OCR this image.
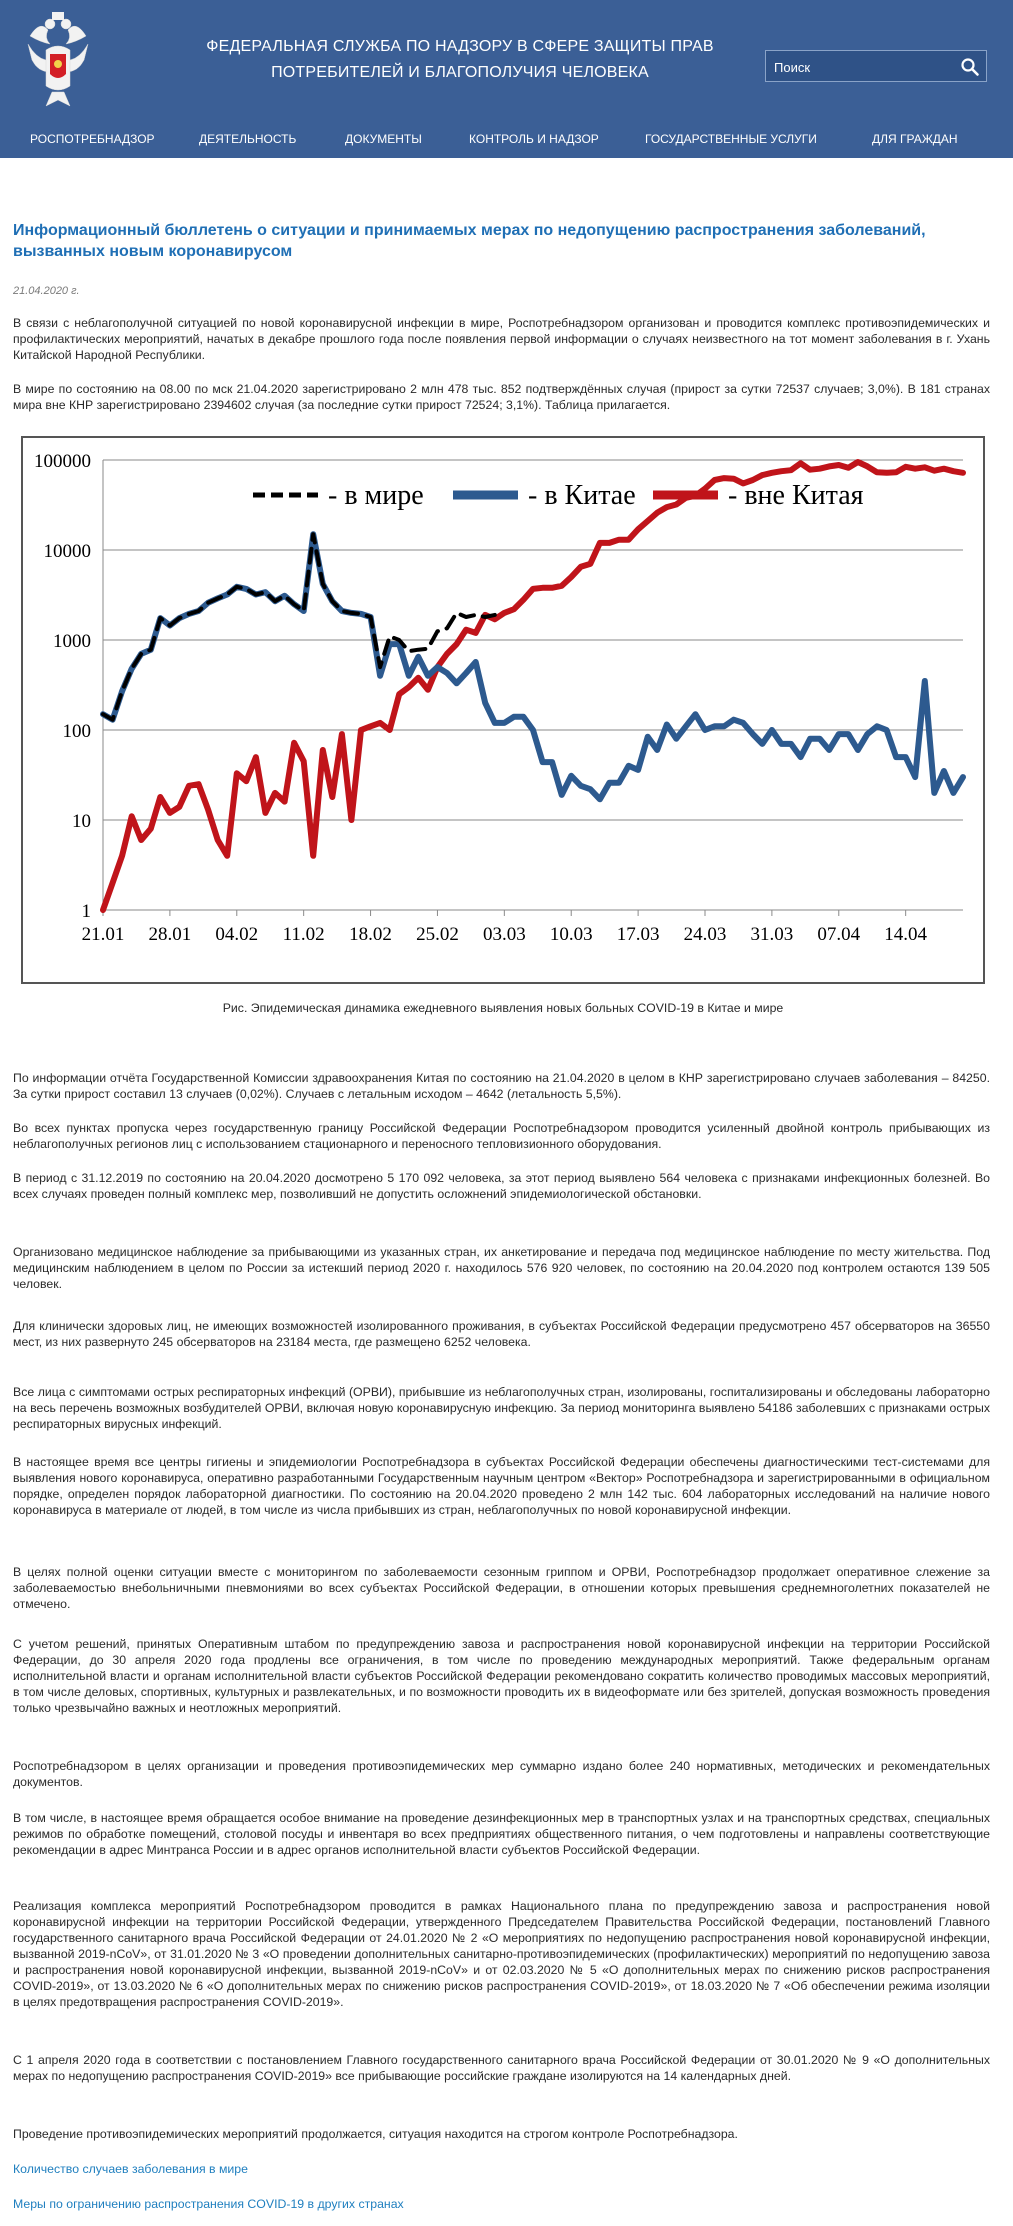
ФЕДЕРАЛЬНАЯ СЛУЖБА ПО НАДЗОРУ В СФЕРЕ ЗАЩИТЫ ПРАВ
ПОТРЕБИТЕЛЕЙ И БЛАГОПОЛУЧИЯ ЧЕЛОВЕКА
Поиск
РОСПОТРЕБНАДЗОР	ДЕЯТЕЛЬНОСТЬ	ДОКУМЕНТЫ	КОНТРОЛЬ И НАДЗОР	ГОСУДАРСТВЕННЫЕ УСЛУГИ	ДЛЯ ГРАЖДАН
Информационный бюллетень о ситуации и принимаемых мерах по недопущению распространения заболеваний, вызванных новым коронавирусом
21.04.2020 г.

В связи с неблагополучной ситуацией по новой коронавирусной инфекции в мире, Роспотребнадзором организован и проводится комплекс противоэпидемических и профилактических мероприятий, начатых в декабре прошлого года после появления первой информации о случаях неизвестного на тот момент заболевания в г. Ухань Китайской Народной Республики.

В мире по состоянию на 08.00 по мск 21.04.2020 зарегистрировано 2 млн 478 тыс. 852 подтверждённых случая (прирост за сутки 72537 случаев; 3,0%). В 181 странах мира вне КНР зарегистрировано 2394602 случая (за последние сутки прирост 72524; 3,1%). Таблица прилагается.

1
10
100
1000
10000
100000
21.01 28.01 04.02 11.02 18.02 25.02 03.03 10.03 17.03 24.03 31.03 07.04 14.04
- в мире	- в Китае	- вне Китая
Рис. Эпидемическая динамика ежедневного выявления новых больных COVID-19 в Китае и мире

По информации отчёта Государственной Комиссии здравоохранения Китая по состоянию на 21.04.2020 в целом в КНР зарегистрировано случаев заболевания – 84250. За сутки прирост составил 13 случаев (0,02%). Случаев с летальным исходом – 4642 (летальность 5,5%).

Во всех пунктах пропуска через государственную границу Российской Федерации Роспотребнадзором проводится усиленный двойной контроль прибывающих из неблагополучных регионов лиц с использованием стационарного и переносного тепловизионного оборудования.

В период с 31.12.2019 по состоянию на 20.04.2020 досмотрено 5 170 092 человека, за этот период выявлено 564 человека с признаками инфекционных болезней. Во всех случаях проведен полный комплекс мер, позволивший не допустить осложнений эпидемиологической обстановки.

Организовано медицинское наблюдение за прибывающими из указанных стран, их анкетирование и передача под медицинское наблюдение по месту жительства. Под медицинским наблюдением в целом по России за истекший период 2020 г. находилось 576 920 человек, по состоянию на 20.04.2020 под контролем остаются 139 505 человек.

Для клинически здоровых лиц, не имеющих возможностей изолированного проживания, в субъектах Российской Федерации предусмотрено 457 обсерваторов на 36550 мест, из них развернуто 245 обсерваторов на 23184 места, где размещено 6252 человека.

Все лица с симптомами острых респираторных инфекций (ОРВИ), прибывшие из неблагополучных стран, изолированы, госпитализированы и обследованы лабораторно на весь перечень возможных возбудителей ОРВИ, включая новую коронавирусную инфекцию. За период мониторинга выявлено 54186 заболевших с признаками острых респираторных вирусных инфекций.

В настоящее время все центры гигиены и эпидемиологии Роспотребнадзора в субъектах Российской Федерации обеспечены диагностическими тест-системами для выявления нового коронавируса, оперативно разработанными Государственным научным центром «Вектор» Роспотребнадзора и зарегистрированными в официальном порядке, определен порядок лабораторной диагностики. По состоянию на 20.04.2020 проведено 2 млн 142 тыс. 604 лабораторных исследований на наличие нового коронавируса в материале от людей, в том числе из числа прибывших из стран, неблагополучных по новой коронавирусной инфекции.

В целях полной оценки ситуации вместе с мониторингом по заболеваемости сезонным гриппом и ОРВИ, Роспотребнадзор продолжает оперативное слежение за заболеваемостью внебольничными пневмониями во всех субъектах Российской Федерации, в отношении которых превышения среднемноголетних показателей не отмечено.

С учетом решений, принятых Оперативным штабом по предупреждению завоза и распространения новой коронавирусной инфекции на территории Российской Федерации, до 30 апреля 2020 года продлены все ограничения, в том числе по проведению международных мероприятий. Также федеральным органам исполнительной власти и органам исполнительной власти субъектов Российской Федерации рекомендовано сократить количество проводимых массовых мероприятий, в том числе деловых, спортивных, культурных и развлекательных, и по возможности проводить их в видеоформате или без зрителей, допуская возможность проведения только чрезвычайно важных и неотложных мероприятий.

Роспотребнадзором в целях организации и проведения противоэпидемических мер суммарно издано более 240 нормативных, методических и рекомендательных документов.

В том числе, в настоящее время обращается особое внимание на проведение дезинфекционных мер в транспортных узлах и на транспортных средствах, специальных режимов по обработке помещений, столовой посуды и инвентаря во всех предприятиях общественного питания, о чем подготовлены и направлены соответствующие рекомендации в адрес Минтранса России и в адрес органов исполнительной власти субъектов Российской Федерации.

Реализация комплекса мероприятий Роспотребнадзором проводится в рамках Национального плана по предупреждению завоза и распространения новой коронавирусной инфекции на территории Российской Федерации, утвержденного Председателем Правительства Российской Федерации, постановлений Главного государственного санитарного врача Российской Федерации от 24.01.2020 № 2 «О мероприятиях по недопущению распространения новой коронавирусной инфекции, вызванной 2019-nCoV», от 31.01.2020 № 3 «О проведении дополнительных санитарно-противоэпидемических (профилактических) мероприятий по недопущению завоза и распространения новой коронавирусной инфекции, вызванной 2019-nCoV» и от 02.03.2020 № 5 «О дополнительных мерах по снижению рисков распространения COVID-2019», от 13.03.2020 № 6 «О дополнительных мерах по снижению рисков распространения COVID-2019», от 18.03.2020 № 7 «Об обеспечении режима изоляции в целях предотвращения распространения COVID-2019».

С 1 апреля 2020 года в соответствии с постановлением Главного государственного санитарного врача Российской Федерации от 30.01.2020 № 9 «О дополнительных мерах по недопущению распространения COVID-2019» все прибывающие российские граждане изолируются на 14 календарных дней.

Проведение противоэпидемических мероприятий продолжается, ситуация находится на строгом контроле Роспотребнадзора.

Количество случаев заболевания в мире
Меры по ограничению распространения COVID-19 в других странах
